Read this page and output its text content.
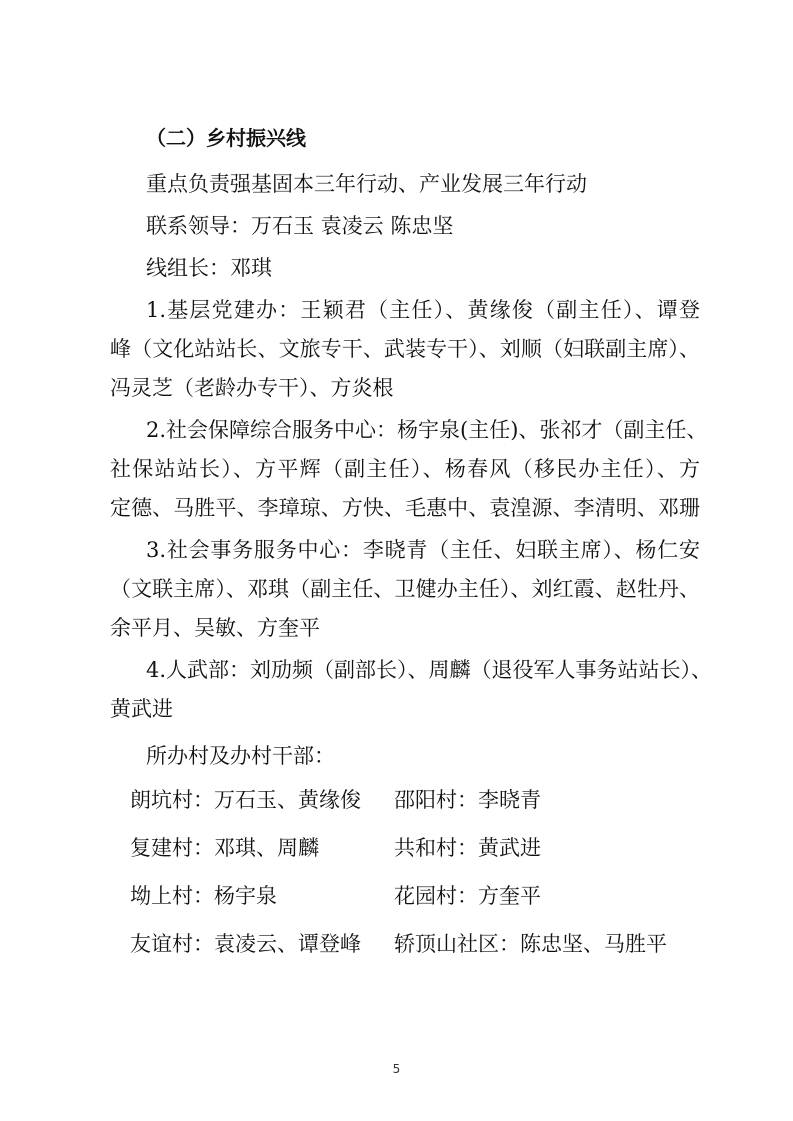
（二）乡村振兴线
重点负责强基固本三年行动、产业发展三年行动
联系领导：万石玉 袁凌云 陈忠坚
线组长：邓琪
1.基层党建办：王颖君（主任）、黄缘俊（副主任）、谭登
峰（文化站站长、文旅专干、武装专干）、刘顺（妇联副主席）、
冯灵芝（老龄办专干）、方炎根
2.社会保障综合服务中心：杨宇泉(主任)、张祁才（副主任、
社保站站长）、方平辉（副主任）、杨春风（移民办主任）、方
定德、马胜平、李璋琼、方快、毛惠中、袁湟源、李清明、邓珊
3.社会事务服务中心：李晓青（主任、妇联主席）、杨仁安
（文联主席）、邓琪（副主任、卫健办主任）、刘红霞、赵牡丹、
余平月、吴敏、方奎平
4.人武部：刘劢频（副部长）、周麟（退役军人事务站站长）、
黄武进
所办村及办村干部：
朗坑村：万石玉、黄缘俊 邵阳村：李晓青
复建村：邓琪、周麟	共和村：黄武进
坳上村：杨宇泉	花园村：方奎平
友谊村：袁凌云、谭登峰 轿顶山社区：陈忠坚、马胜平
5
